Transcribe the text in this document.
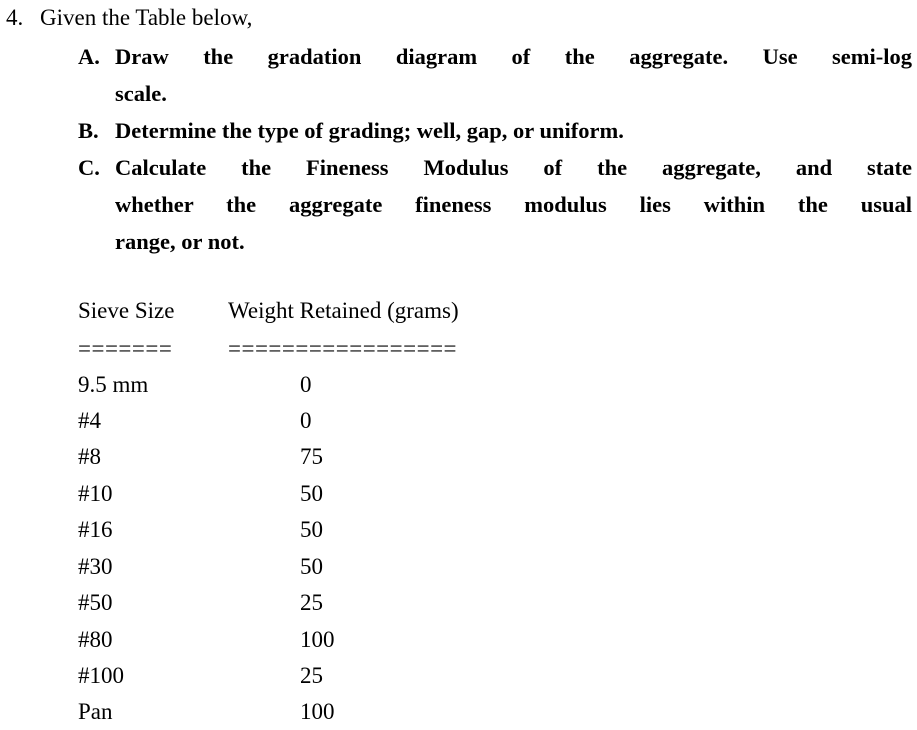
4. Given the Table below,
A. Draw the gradation diagram of the aggregate. Use semi-log
scale.
B. Determine the type of grading; well, gap, or uniform.
C. Calculate the Fineness Modulus of the aggregate, and state
whether the aggregate fineness modulus lies within the usual
range, or not.
Sieve Size Weight Retained (grams)
======= =================
9.5 mm	0
#4	0
#8	75
#10	50
#16	50
#30	50
#50	25
#80	100
#100	25
Pan	100
